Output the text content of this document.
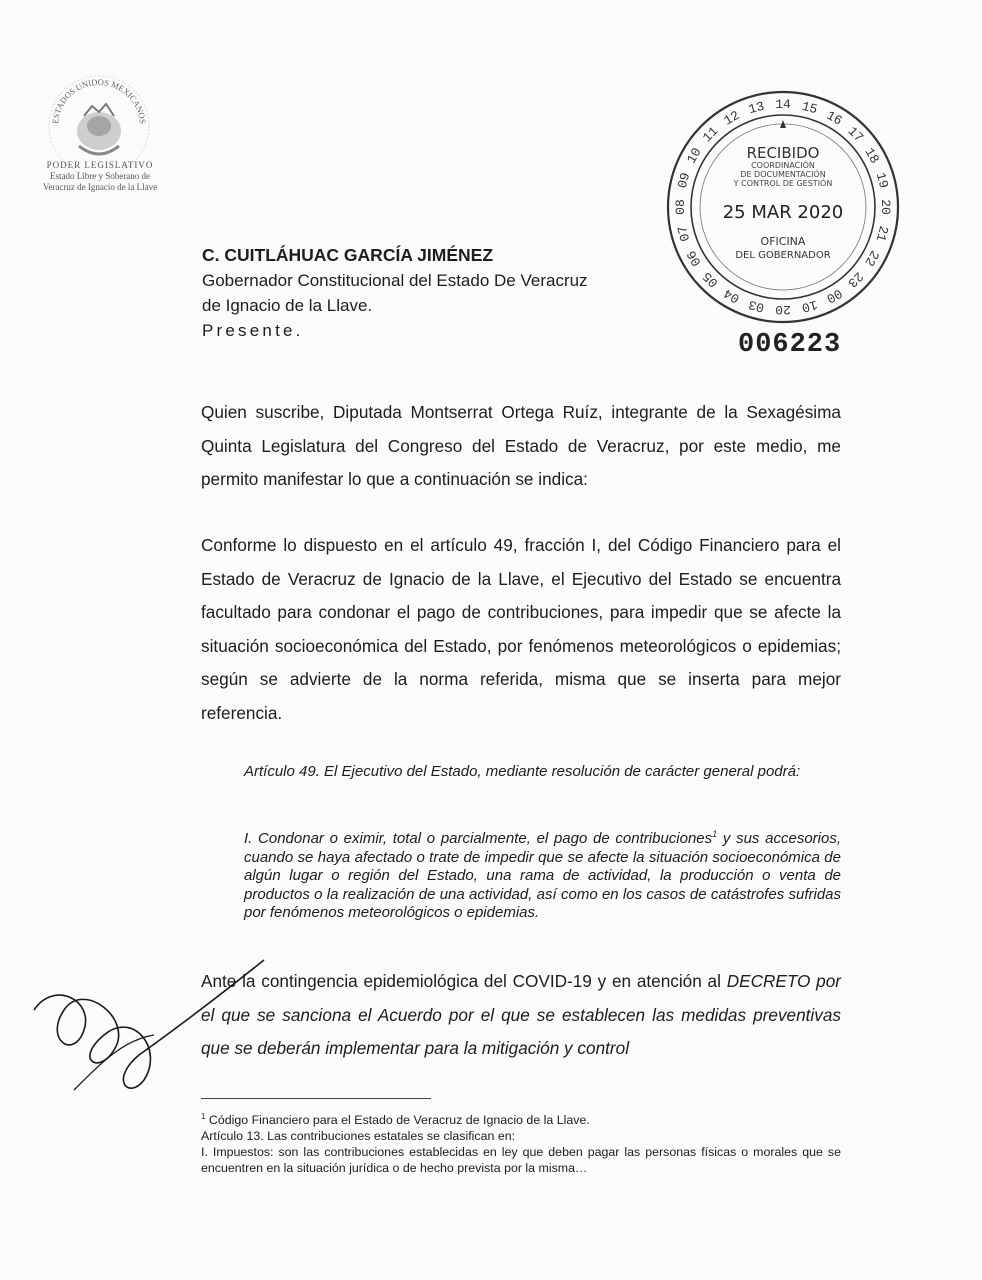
ESTADOS UNIDOS MEXICANOS
PODER LEGISLATIVO
Estado Libre y Soberano de
Veracruz de Ignacio de la Llave
12 13 14 15 16
17
18
19
20
21
22
23
00
10
20
03
04
05
06
07
08
09
10
11
RECIBIDO
COORDINACIÓN
DE DOCUMENTACIÓN
Y CONTROL DE GESTIÓN
25 MAR 2020
OFICINA
DEL GOBERNADOR
006223
C. CUITLÁHUAC GARCÍA JIMÉNEZ
Gobernador Constitucional del Estado De Veracruz
de Ignacio de la Llave.
Presente.
Quien suscribe, Diputada Montserrat Ortega Ruíz, integrante de la Sexagésima Quinta Legislatura del Congreso del Estado de Veracruz, por este medio, me permito manifestar lo que a continuación se indica:
Conforme lo dispuesto en el artículo 49, fracción I, del Código Financiero para el Estado de Veracruz de Ignacio de la Llave, el Ejecutivo del Estado se encuentra facultado para condonar el pago de contribuciones, para impedir que se afecte la situación socioeconómica del Estado, por fenómenos meteorológicos o epidemias; según se advierte de la norma referida, misma que se inserta para mejor referencia.
Artículo 49. El Ejecutivo del Estado, mediante resolución de carácter general podrá:
I. Condonar o eximir, total o parcialmente, el pago de contribuciones$^1$ y sus accesorios, cuando se haya afectado o trate de impedir que se afecte la situación socioeconómica de algún lugar o región del Estado, una rama de actividad, la producción o venta de productos o la realización de una actividad, así como en los casos de catástrofes sufridas por fenómenos meteorológicos o epidemias.
Ante la contingencia epidemiológica del COVID-19 y en atención al DECRETO por el que se sanciona el Acuerdo por el que se establecen las medidas preventivas que se deberán implementar para la mitigación y control
$^1$ Código Financiero para el Estado de Veracruz de Ignacio de la Llave.
Artículo 13. Las contribuciones estatales se clasifican en:
I. Impuestos: son las contribuciones establecidas en ley que deben pagar las personas físicas o morales que se encuentren en la situación jurídica o de hecho prevista por la misma…
